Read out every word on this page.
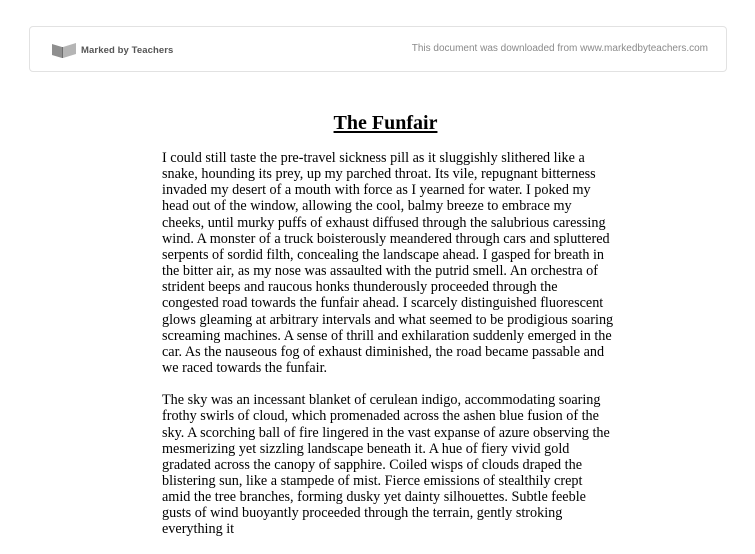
Marked by Teachers	This document was downloaded from www.markedbyteachers.com
The Funfair

I could still taste the pre-travel sickness pill as it sluggishly slithered like a snake, hounding its prey, up my parched throat. Its vile, repugnant bitterness invaded my desert of a mouth with force as I yearned for water. I poked my head out of the window, allowing the cool, balmy breeze to embrace my cheeks, until murky puffs of exhaust diffused through the salubrious caressing wind. A monster of a truck boisterously meandered through cars and spluttered serpents of sordid filth, concealing the landscape ahead. I gasped for breath in the bitter air, as my nose was assaulted with the putrid smell. An orchestra of strident beeps and raucous honks thunderously proceeded through the congested road towards the funfair ahead. I scarcely distinguished fluorescent glows gleaming at arbitrary intervals and what seemed to be prodigious soaring screaming machines. A sense of thrill and exhilaration suddenly emerged in the car. As the nauseous fog of exhaust diminished, the road became passable and we raced towards the funfair.

The sky was an incessant blanket of cerulean indigo, accommodating soaring frothy swirls of cloud, which promenaded across the ashen blue fusion of the sky. A scorching ball of fire lingered in the vast expanse of azure observing the mesmerizing yet sizzling landscape beneath it. A hue of fiery vivid gold gradated across the canopy of sapphire. Coiled wisps of clouds draped the blistering sun, like a stampede of mist. Fierce emissions of stealthily crept amid the tree branches, forming dusky yet dainty silhouettes. Subtle feeble gusts of wind buoyantly proceeded through the terrain, gently stroking everything it
